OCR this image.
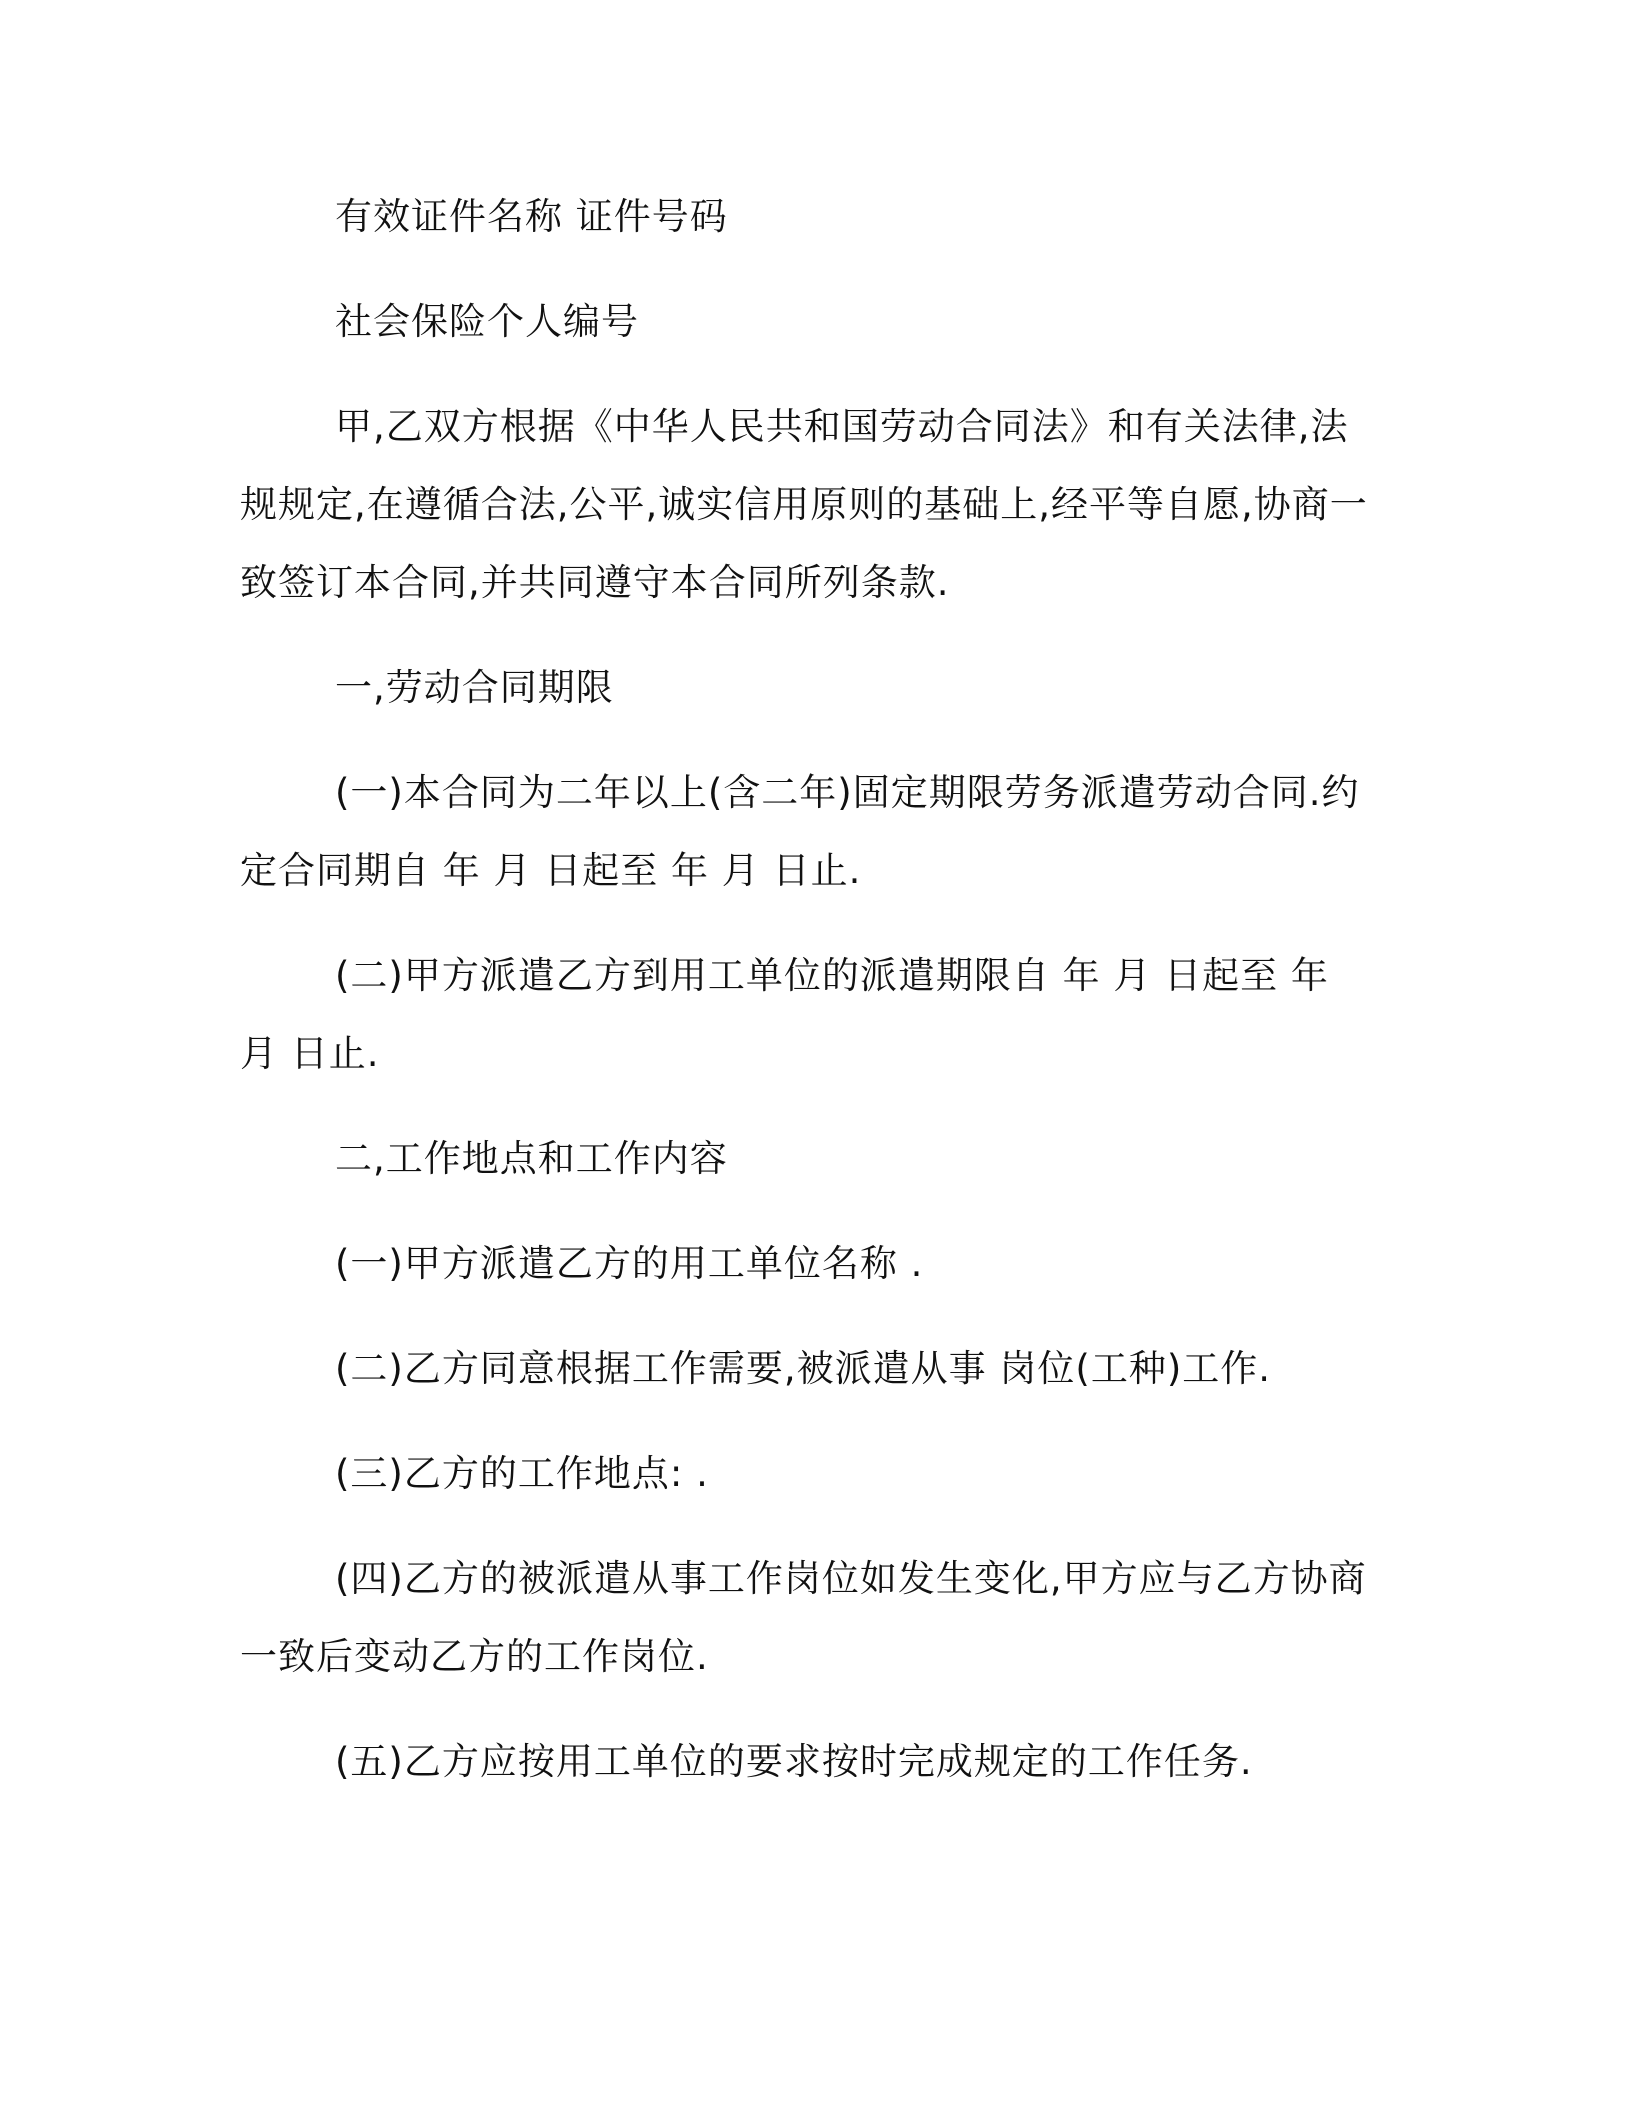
有效证件名称 证件号码

社会保险个人编号

甲,乙双方根据《中华人民共和国劳动合同法》和有关法律,法规规定,在遵循合法,公平,诚实信用原则的基础上,经平等自愿,协商一致签订本合同,并共同遵守本合同所列条款.

一,劳动合同期限

(一)本合同为二年以上(含二年)固定期限劳务派遣劳动合同.约定合同期自 年 月 日起至 年 月 日止.

(二)甲方派遣乙方到用工单位的派遣期限自 年 月 日起至 年 月 日止.

二,工作地点和工作内容

(一)甲方派遣乙方的用工单位名称 .

(二)乙方同意根据工作需要,被派遣从事 岗位(工种)工作.

(三)乙方的工作地点: .

(四)乙方的被派遣从事工作岗位如发生变化,甲方应与乙方协商一致后变动乙方的工作岗位.

(五)乙方应按用工单位的要求按时完成规定的工作任务.
